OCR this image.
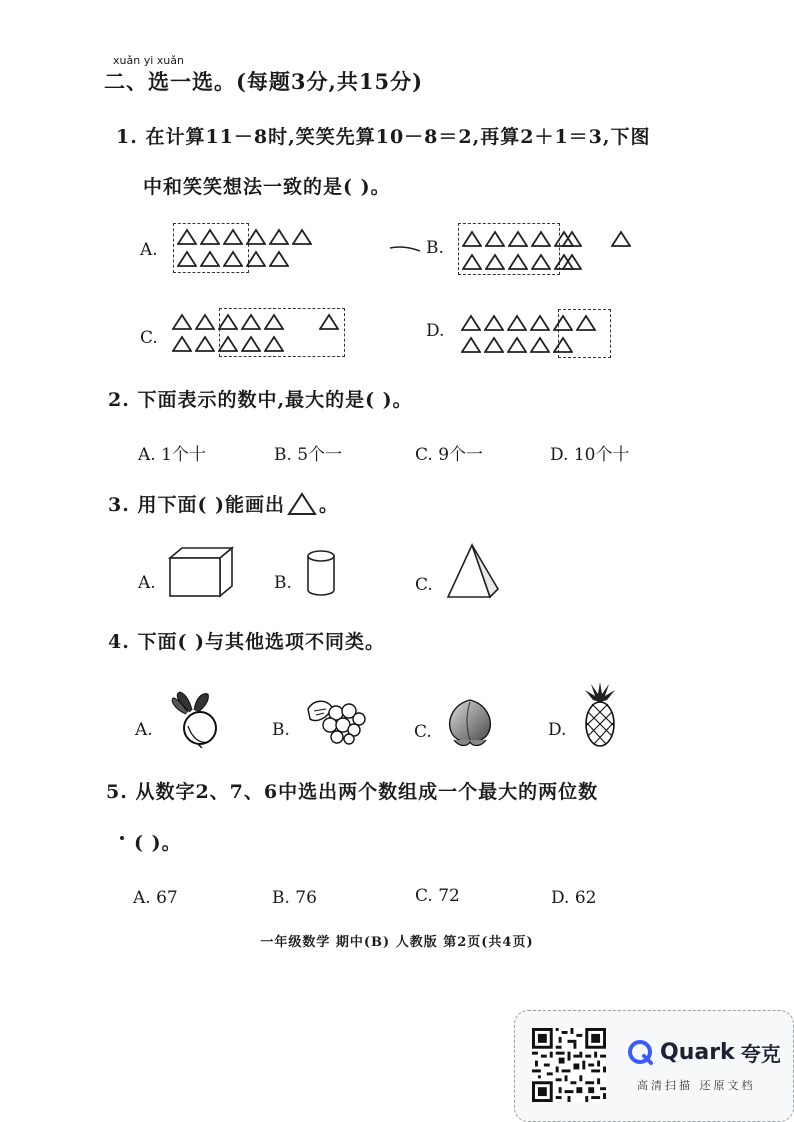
xuǎn yi xuǎn
二、选一选。(每题3分,共15分)
1. 在计算11－8时,笑笑先算10－8＝2,再算2＋1＝3,下图
中和笑笑想法一致的是( )。
A.	B.
C.	D.
2. 下面表示的数中,最大的是( )。
A. 1个十	B. 5个一	C. 9个一	D. 10个十
3. 用下面( )能画出 。
A.	B.	C.
4. 下面( )与其他选项不同类。
A.	B.	C.	D.
5. 从数字2、7、6中选出两个数组成一个最大的两位数
( )。
A. 67	B. 76	C. 72	D. 62
一年级数学 期中(B) 人教版 第2页(共4页)
Quark 夸克
高清扫描 还原文档
